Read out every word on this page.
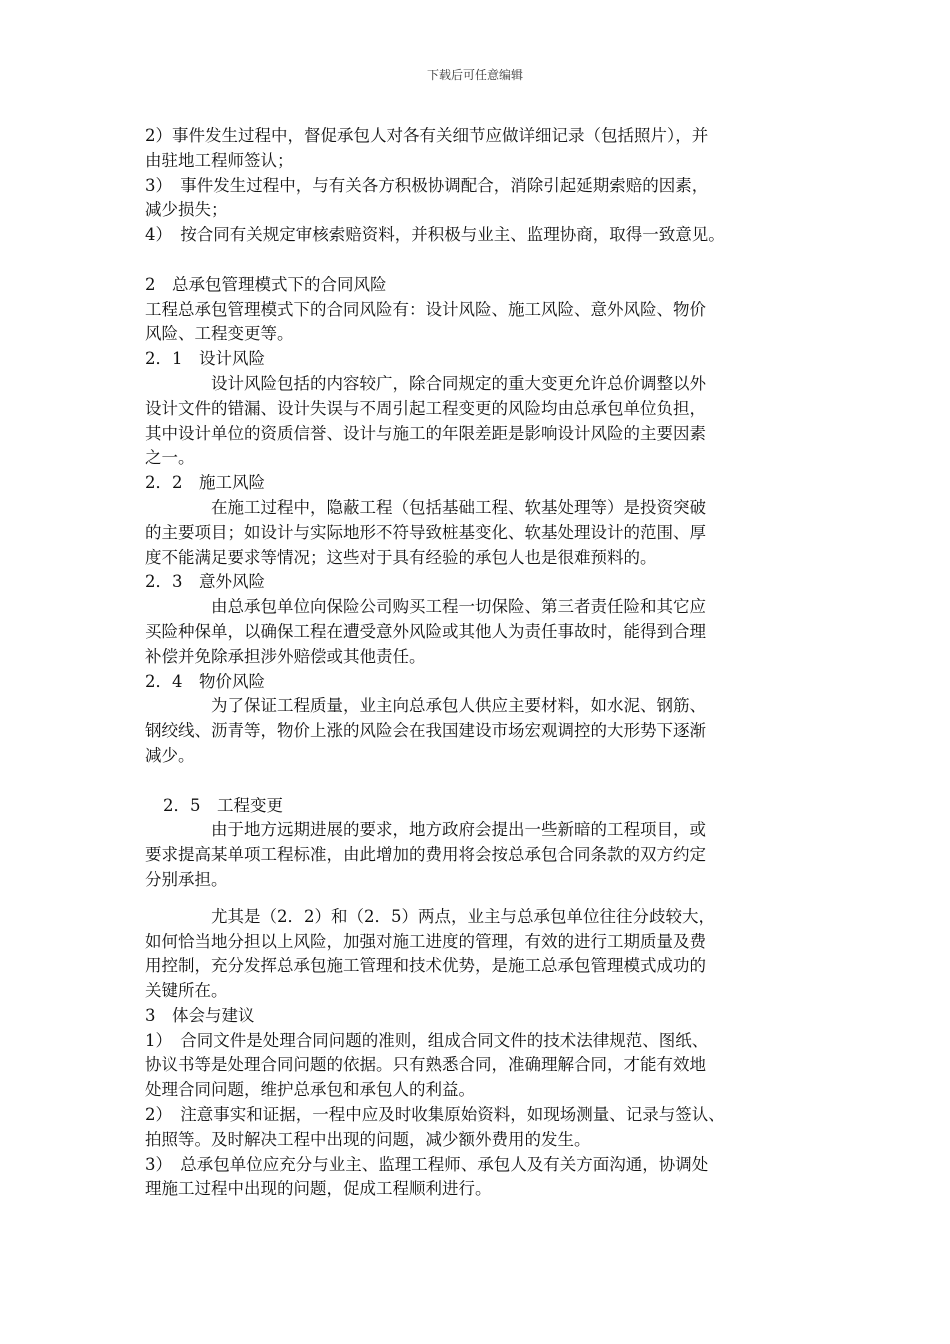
下载后可任意编辑
2）事件发生过程中，督促承包人对各有关细节应做详细记录（包括照片），并
由驻地工程师签认；
3）　事件发生过程中，与有关各方积极协调配合，消除引起延期索赔的因素，
减少损失；
4）　按合同有关规定审核索赔资料，并积极与业主、监理协商，取得一致意见。
2　总承包管理模式下的合同风险
工程总承包管理模式下的合同风险有：设计风险、施工风险、意外风险、物价
风险、工程变更等。
2．1　设计风险
设计风险包括的内容较广，除合同规定的重大变更允许总价调整以外
设计文件的错漏、设计失误与不周引起工程变更的风险均由总承包单位负担，
其中设计单位的资质信誉、设计与施工的年限差距是影响设计风险的主要因素
之一。
2．2　施工风险
在施工过程中，隐蔽工程（包括基础工程、软基处理等）是投资突破
的主要项目；如设计与实际地形不符导致桩基变化、软基处理设计的范围、厚
度不能满足要求等情况；这些对于具有经验的承包人也是很难预料的。
2．3　意外风险
由总承包单位向保险公司购买工程一切保险、第三者责任险和其它应
买险种保单，以确保工程在遭受意外风险或其他人为责任事故时，能得到合理
补偿并免除承担涉外赔偿或其他责任。
2．4　物价风险
为了保证工程质量，业主向总承包人供应主要材料，如水泥、钢筋、
钢绞线、沥青等，物价上涨的风险会在我国建设市场宏观调控的大形势下逐渐
减少。
2．5　工程变更
由于地方远期进展的要求，地方政府会提出一些新暗的工程项目，或
要求提高某单项工程标准，由此增加的费用将会按总承包合同条款的双方约定
分别承担。
尤其是（2．2）和（2．5）两点，业主与总承包单位往往分歧较大，
如何恰当地分担以上风险，加强对施工进度的管理，有效的进行工期质量及费
用控制，充分发挥总承包施工管理和技术优势，是施工总承包管理模式成功的
关键所在。
3　体会与建议
1）　合同文件是处理合同问题的准则，组成合同文件的技术法律规范、图纸、
协议书等是处理合同问题的依据。只有熟悉合同，准确理解合同，才能有效地
处理合同问题，维护总承包和承包人的利益。
2）　注意事实和证据，一程中应及时收集原始资料，如现场测量、记录与签认、
拍照等。及时解决工程中出现的问题，减少额外费用的发生。
3）　总承包单位应充分与业主、监理工程师、承包人及有关方面沟通，协调处
理施工过程中出现的问题，促成工程顺利进行。
